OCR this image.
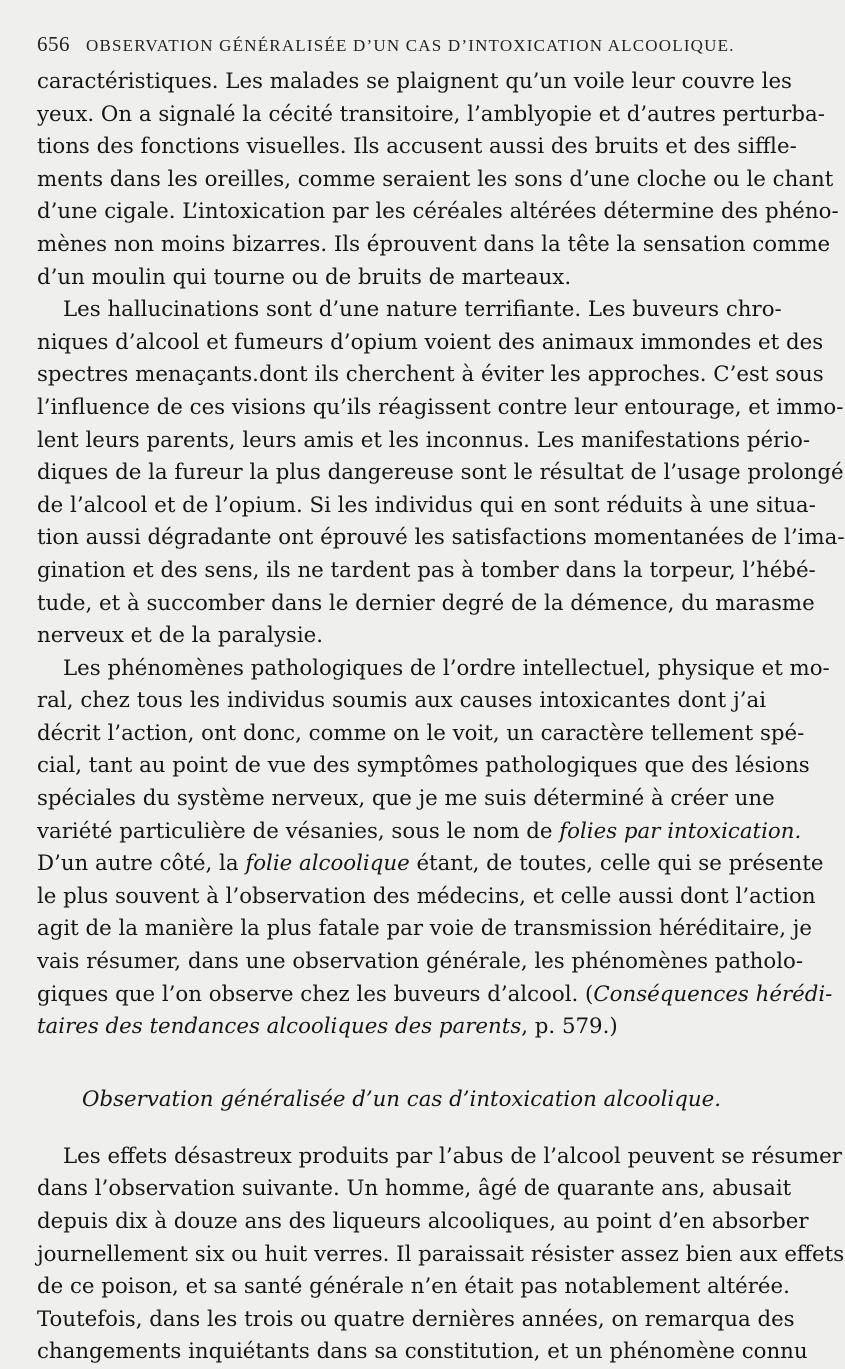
656 OBSERVATION GÉNÉRALISÉE D’UN CAS D’INTOXICATION ALCOOLIQUE.
caractéristiques. Les malades se plaignent qu’un voile leur couvre les
yeux. On a signalé la cécité transitoire, l’amblyopie et d’autres perturba-
tions des fonctions visuelles. Ils accusent aussi des bruits et des siffle-
ments dans les oreilles, comme seraient les sons d’une cloche ou le chant
d’une cigale. L’intoxication par les céréales altérées détermine des phéno-
mènes non moins bizarres. Ils éprouvent dans la tête la sensation comme
d’un moulin qui tourne ou de bruits de marteaux.
Les hallucinations sont d’une nature terrifiante. Les buveurs chro-
niques d’alcool et fumeurs d’opium voient des animaux immondes et des
spectres menaçants.dont ils cherchent à éviter les approches. C’est sous
l’influence de ces visions qu’ils réagissent contre leur entourage, et immo-
lent leurs parents, leurs amis et les inconnus. Les manifestations pério-
diques de la fureur la plus dangereuse sont le résultat de l’usage prolongé
de l’alcool et de l’opium. Si les individus qui en sont réduits à une situa-
tion aussi dégradante ont éprouvé les satisfactions momentanées de l’ima-
gination et des sens, ils ne tardent pas à tomber dans la torpeur, l’hébé-
tude, et à succomber dans le dernier degré de la démence, du marasme
nerveux et de la paralysie.
Les phénomènes pathologiques de l’ordre intellectuel, physique et mo-
ral, chez tous les individus soumis aux causes intoxicantes dont j’ai
décrit l’action, ont donc, comme on le voit, un caractère tellement spé-
cial, tant au point de vue des symptômes pathologiques que des lésions
spéciales du système nerveux, que je me suis déterminé à créer une
variété particulière de vésanies, sous le nom de folies par intoxication.
D’un autre côté, la folie alcoolique étant, de toutes, celle qui se présente
le plus souvent à l’observation des médecins, et celle aussi dont l’action
agit de la manière la plus fatale par voie de transmission héréditaire, je
vais résumer, dans une observation générale, les phénomènes patholo-
giques que l’on observe chez les buveurs d’alcool. (Conséquences hérédi-
taires des tendances alcooliques des parents, p. 579.)
Observation généralisée d’un cas d’intoxication alcoolique.
Les effets désastreux produits par l’abus de l’alcool peuvent se résumer
dans l’observation suivante. Un homme, âgé de quarante ans, abusait
depuis dix à douze ans des liqueurs alcooliques, au point d’en absorber
journellement six ou huit verres. Il paraissait résister assez bien aux effets
de ce poison, et sa santé générale n’en était pas notablement altérée.
Toutefois, dans les trois ou quatre dernières années, on remarqua des
changements inquiétants dans sa constitution, et un phénomène connu
